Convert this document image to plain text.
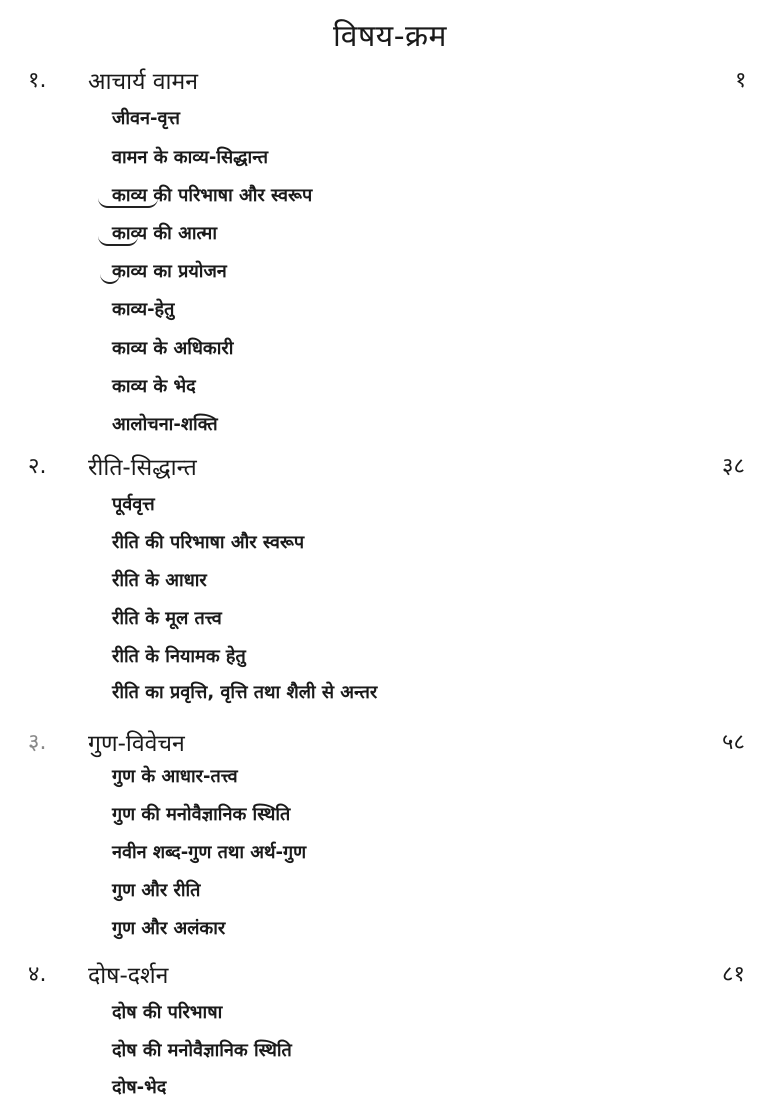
विषय-क्रम
१. आचार्य वामन	१
जीवन-वृत्त
वामन के काव्य-सिद्धान्त
काव्य की परिभाषा और स्वरूप
काव्य की आत्मा
काव्य का प्रयोजन
काव्य-हेतु
काव्य के अधिकारी
काव्य के भेद
आलोचना-शक्ति
२. रीति-सिद्धान्त	३८
पूर्ववृत्त
रीति की परिभाषा और स्वरूप
रीति के आधार
रीति के मूल तत्त्व
रीति के नियामक हेतु
रीति का प्रवृत्ति, वृत्ति तथा शैली से अन्तर
३. गुण-विवेचन	५८
गुण के आधार-तत्त्व
गुण की मनोवैज्ञानिक स्थिति
नवीन शब्द-गुण तथा अर्थ-गुण
गुण और रीति
गुण और अलंकार
४. दोष-दर्शन	८१
दोष की परिभाषा
दोष की मनोवैज्ञानिक स्थिति
दोष-भेद
